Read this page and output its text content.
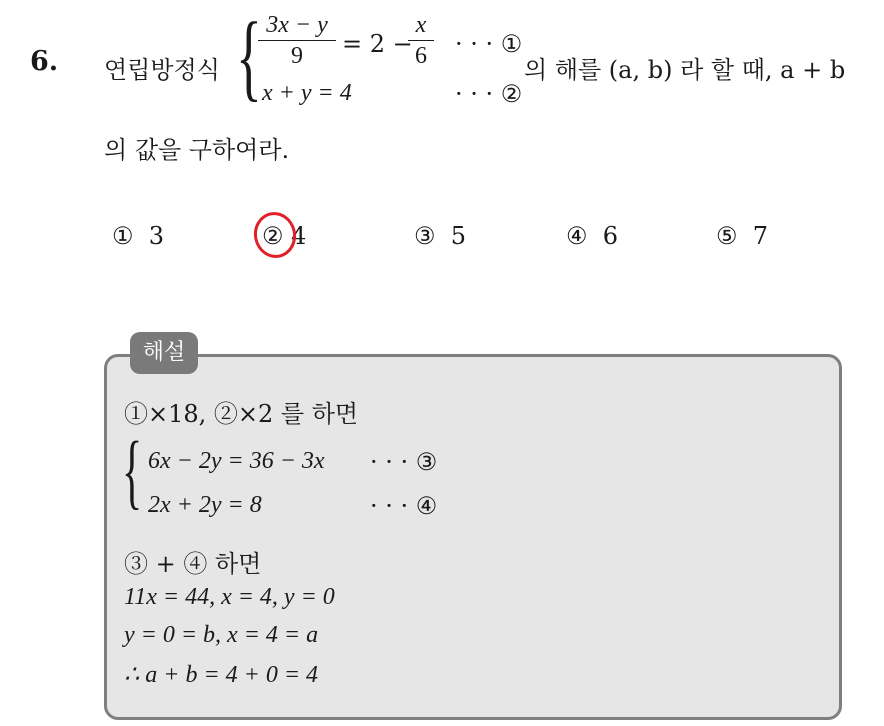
6. 연립방정식 { 3x − y
9	= 2 −
x
6 · · · ①
x + y = 4	· · · ②
의 해를 (a, b) 라 할 때, a + b
의 값을 구하여라.
① 3	② 4	③ 5	④ 6	⑤ 7
해설
①×18, ②×2 를 하면
{ 6x − 2y = 36 − 3x · · · ③
2x + 2y = 8	· · · ④
③ + ④ 하면
11x = 44, x = 4, y = 0
y = 0 = b, x = 4 = a
∴ a + b = 4 + 0 = 4
